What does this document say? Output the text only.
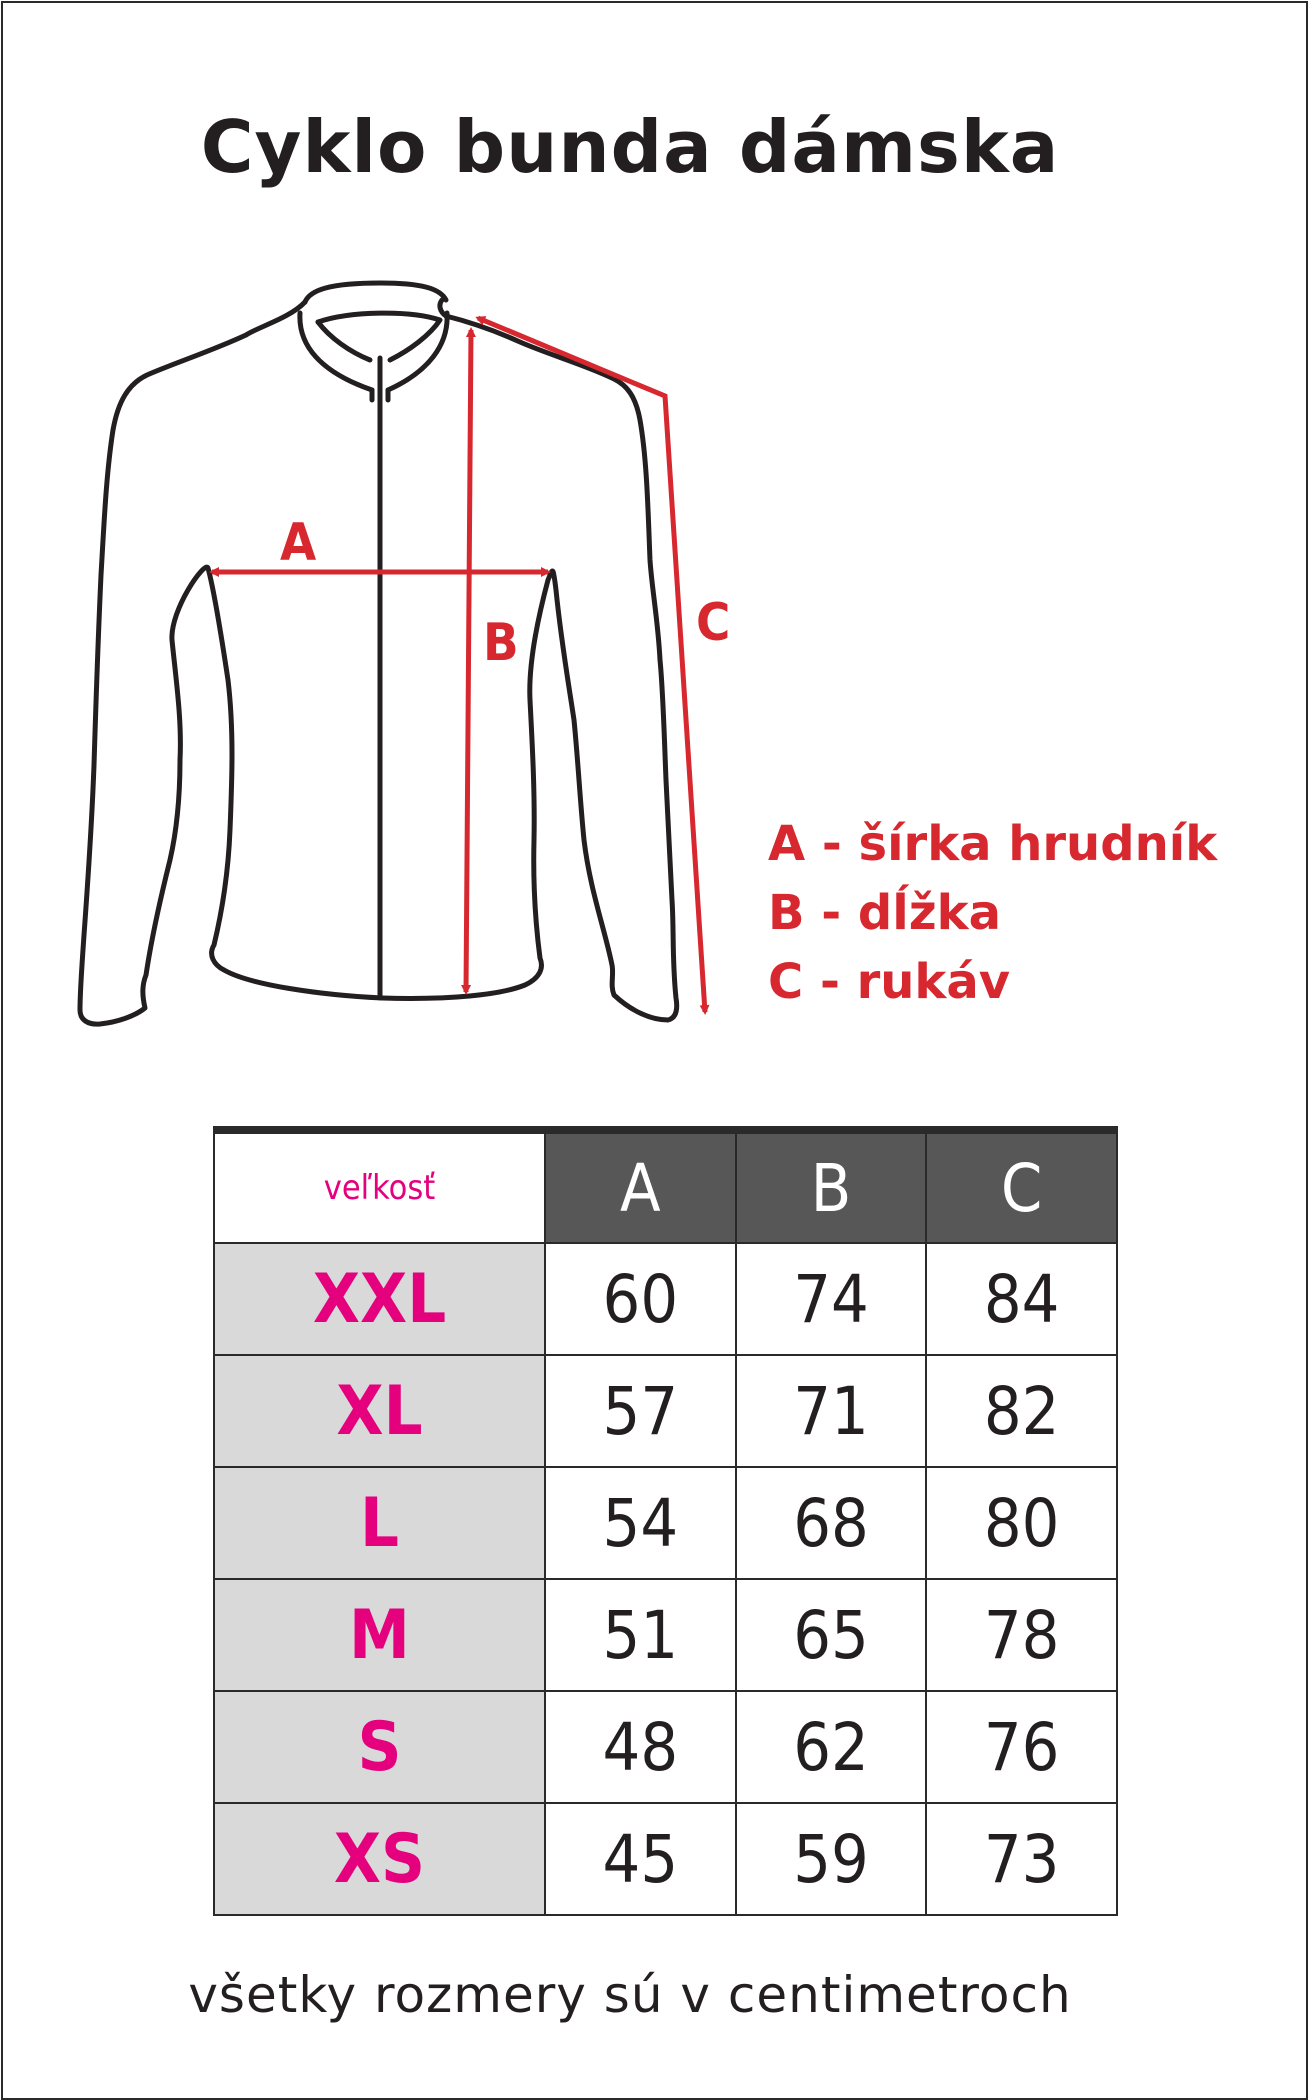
Cyklo bunda dámska
A
B	C
A - šírka hrudník
B - dĺžka
C - rukáv
veľkosť	A	B	C
XXL	60	74	84
XL	57	71	82
L	54	68	80
M	51	65	78
S	48	62	76
XS	45	59	73
všetky rozmery sú v centimetroch
